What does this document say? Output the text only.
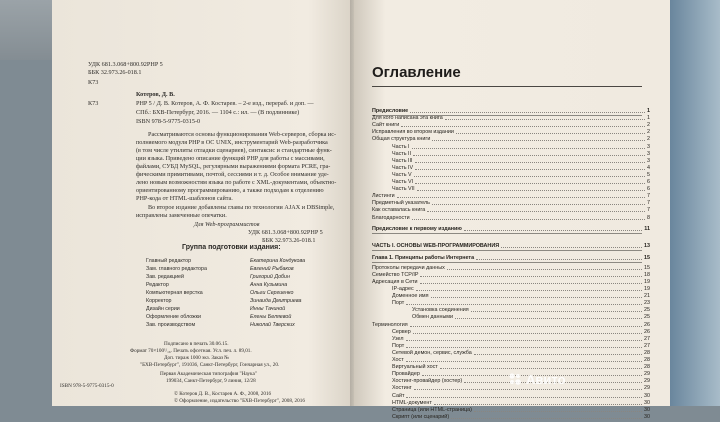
УДК 681.3.068+800.92PHP 5
ББК 32.973.26-018.1
К73
Котеров, Д. В.
К73	PHP 5 / Д. В. Котеров, А. Ф. Костарев. – 2-е изд., перераб. и доп. —
СПб.: БХВ-Петербург, 2016. — 1104 с.: ил. — (В подлиннике)
ISBN 978-5-9775-0315-0
Рассматриваются основы функционирования Web-серверов, сборка ис-
полняемого модуля PHP в ОС UNIX, инструментарий Web-разработчика
(в том числе утилиты отладки сценариев), синтаксис и стандартные функ-
ции языка. Приведено описание функций PHP для работы с массивами,
файлами, СУБД MySQL, регулярными выражениями формата PCRE, гра-
фическими примитивами, почтой, сессиями и т. д. Особое внимание уде-
лено новым возможностям языка по работе с XML-документами, объектно-
ориентированному программированию, а также подходам к отделению
PHP-кода от HTML-шаблонов сайта.
Во второе издание добавлены главы по технологии AJAX и DBSimple,
исправлены замеченные опечатки.
Для Web-программистов
УДК 681.3.068+800.92PHP 5
ББК 32.973.26-018.1
Группа подготовки издания:
Главный редактор	Екатерина Кондукова
Зам. главного редактора	Евгений Рыбаков
Зав. редакцией	Григорий Добин
Редактор	Анна Кузьмина
Компьютерная верстка	Ольги Сергиенко
Корректор	Зинаида Дмитриева
Дизайн серии	Инны Тачиной
Оформление обложки	Елены Беляевой
Зав. производством	Николай Тверских
Подписано в печать 30.06.15.
Формат 70×100¹/₁₆. Печать офсетная. Усл. печ. л. 89,01.
Доп. тираж 1000 экз. Заказ №
"БХВ-Петербург", 191036, Санкт-Петербург, Гончарная ул., 20.
Первая Академическая типография "Наука"
199034, Санкт-Петербург, 9 линия, 12/28
ISBN 978-5-9775-0315-0
© Котеров Д. В., Костарев А. Ф., 2008, 2016
© Оформление, издательство "БХВ-Петербург", 2008, 2016
Оглавление
Предисловие	1
Для кого написана эта книга	1
Сайт книги	2
Исправления во втором издании	2
Общая структура книги	2
Часть I	3
Часть II	3
Часть III	3
Часть IV	4
Часть V	5
Часть VI	6
Часть VII	6
Листинги	7
Предметный указатель	7
Как оставалась книга	7
Благодарности	8
Предисловие к первому изданию	11
ЧАСТЬ I. ОСНОВЫ WEB-ПРОГРАММИРОВАНИЯ	13
Глава 1. Принципы работы Интернета	15
Протоколы передачи данных	15
Семейство TCP/IP	18
Адресация в Сети	19
IP-адрес	19
Доменное имя	21
Порт	23
Установка соединения	25
Обмен данными	25
Терминология	26
Сервер	26
Узел	27
Порт	27
Сетевой демон, сервис, служба	28
Хост	28
Виртуальный хост	28
Провайдер	29
Хостинг-провайдер (хостер)	29
Хостинг	29
Сайт	30
HTML-документ	30
Страница (или HTML-страница)	30
Скрипт (или сценарий)	30
Авито
